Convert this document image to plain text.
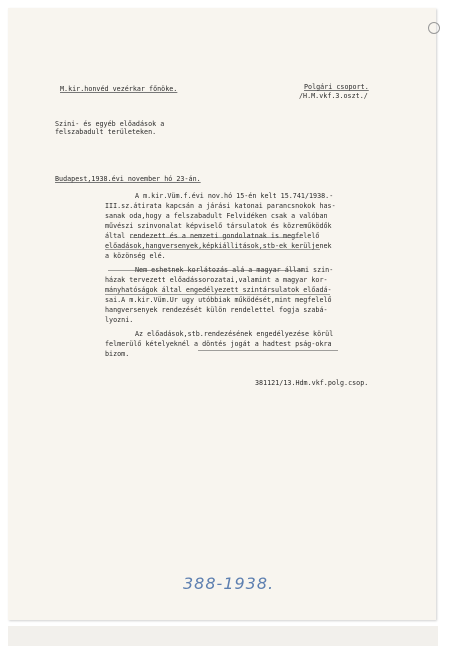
M.kir.honvéd vezérkar főnöke.	Polgári csoport.
/H.M.vkf.3.oszt./
Szini- és egyéb előadások a
felszabadult területeken.
Budapest,1938.évi november hó 23-án.
A m.kir.Vüm.f.évi nov.hó 15-én kelt 15.741/1938.-
III.sz.átirata kapcsán a járási katonai parancsnokok has-
sanak oda,hogy a felszabadult Felvidéken csak a valóban
művészi szinvonalat képviselő társulatok és közreműködők
által rendezett és a nemzeti gondolatnak is megfelelő
előadások,hangversenyek,képkiállitások,stb-ek kerüljenek
a közönség elé.
Nem eshetnek korlátozás alá a magyar állami szin-
házak tervezett előadássorozatai,valamint a magyar kor-
mányhatóságok által engedélyezett szintársulatok előadá-
sai.A m.kir.Vüm.Ur ugy utóbbiak működését,mint megfelelő
hangversenyek rendezését külön rendelettel fogja szabá-
lyozni.
Az előadások,stb.rendezésének engedélyezése körül
felmerülő kételyeknél a döntés jogát a hadtest pság-okra
bizom.
381121/13.Hdm.vkf.polg.csop.
388-1938.
